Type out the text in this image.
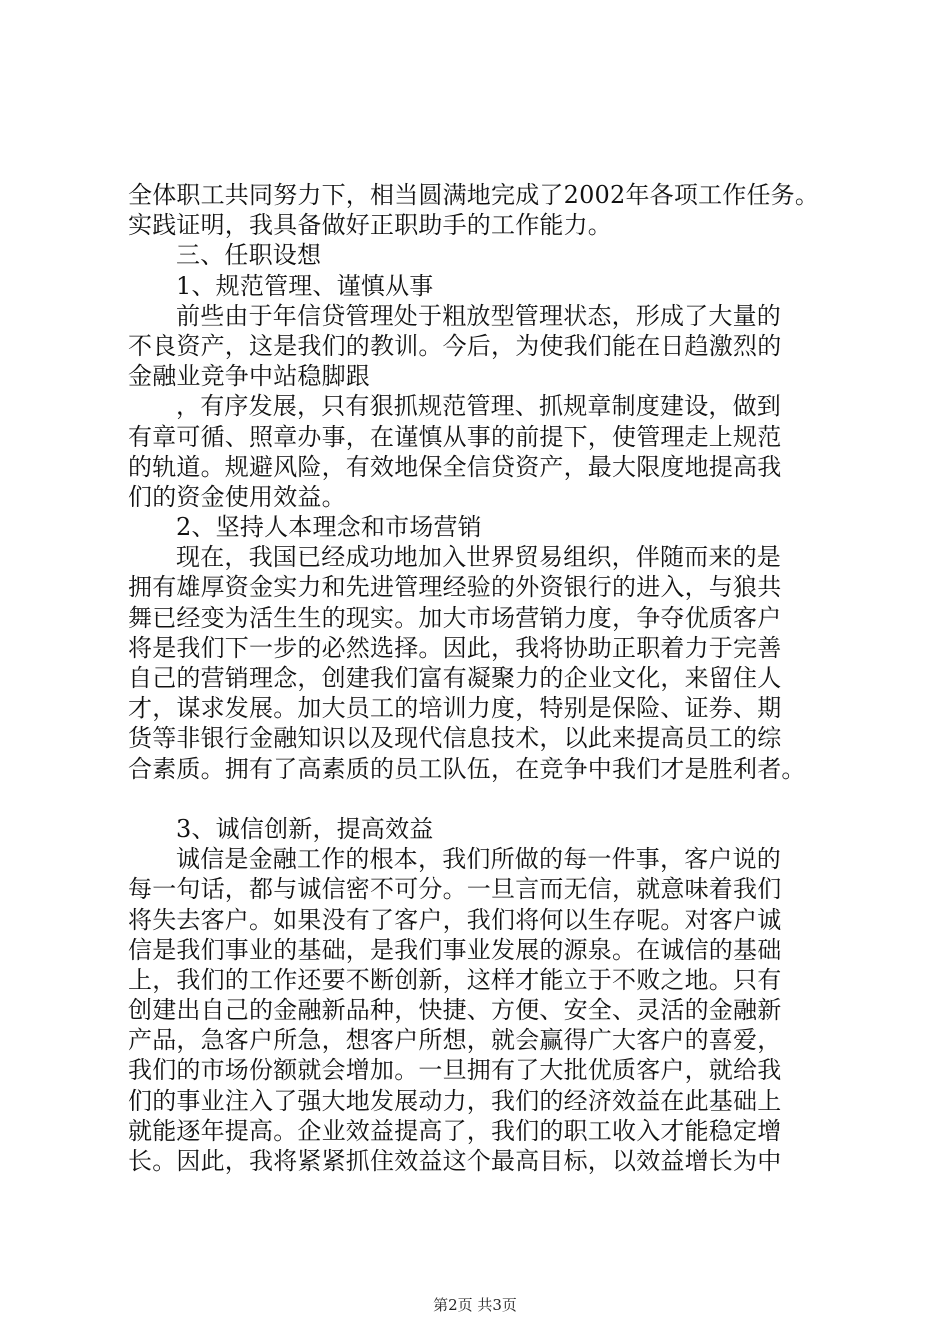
全体职工共同努力下，相当圆满地完成了2002年各项工作任务。
实践证明，我具备做好正职助手的工作能力。
三、任职设想
1、规范管理、谨慎从事
前些由于年信贷管理处于粗放型管理状态，形成了大量的
不良资产，这是我们的教训。今后，为使我们能在日趋激烈的
金融业竞争中站稳脚跟
，有序发展，只有狠抓规范管理、抓规章制度建设，做到
有章可循、照章办事，在谨慎从事的前提下，使管理走上规范
的轨道。规避风险，有效地保全信贷资产，最大限度地提高我
们的资金使用效益。
2、坚持人本理念和市场营销
现在，我国已经成功地加入世界贸易组织，伴随而来的是
拥有雄厚资金实力和先进管理经验的外资银行的进入，与狼共
舞已经变为活生生的现实。加大市场营销力度，争夺优质客户
将是我们下一步的必然选择。因此，我将协助正职着力于完善
自己的营销理念，创建我们富有凝聚力的企业文化，来留住人
才，谋求发展。加大员工的培训力度，特别是保险、证券、期
货等非银行金融知识以及现代信息技术，以此来提高员工的综
合素质。拥有了高素质的员工队伍，在竞争中我们才是胜利者。
3、诚信创新，提高效益
诚信是金融工作的根本，我们所做的每一件事，客户说的
每一句话，都与诚信密不可分。一旦言而无信，就意味着我们
将失去客户。如果没有了客户，我们将何以生存呢。对客户诚
信是我们事业的基础，是我们事业发展的源泉。在诚信的基础
上，我们的工作还要不断创新，这样才能立于不败之地。只有
创建出自己的金融新品种，快捷、方便、安全、灵活的金融新
产品，急客户所急，想客户所想，就会赢得广大客户的喜爱，
我们的市场份额就会增加。一旦拥有了大批优质客户，就给我
们的事业注入了强大地发展动力，我们的经济效益在此基础上
就能逐年提高。企业效益提高了，我们的职工收入才能稳定增
长。因此，我将紧紧抓住效益这个最高目标，以效益增长为中
第2页 共3页
